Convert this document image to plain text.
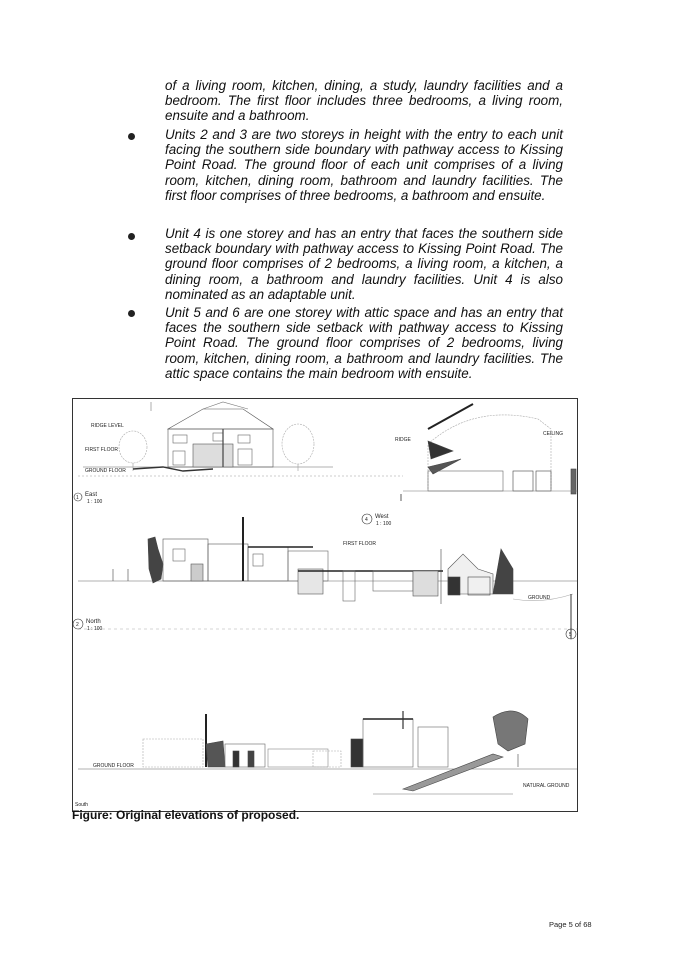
of a living room, kitchen, dining, a study, laundry facilities and a bedroom. The first floor includes three bedrooms, a living room, ensuite and a bathroom.

Units 2 and 3 are two storeys in height with the entry to each unit facing the southern side boundary with pathway access to Kissing Point Road. The ground floor of each unit comprises of a living room, kitchen, dining room, bathroom and laundry facilities. The first floor comprises of three bedrooms, a bathroom and ensuite.

Unit 4 is one storey and has an entry that faces the southern side setback boundary with pathway access to Kissing Point Road. The ground floor comprises of 2 bedrooms, a living room, a kitchen, a dining room, a bathroom and laundry facilities. Unit 4 is also nominated as an adaptable unit.

Unit 5 and 6 are one storey with attic space and has an entry that faces the southern side setback with pathway access to Kissing Point Road. The ground floor comprises of 2 bedrooms, living room, kitchen, dining room, a bathroom and laundry facilities. The attic space contains the main bedroom with ensuite.

RIDGE LEVEL
FIRST FLOOR
GROUND FLOOR
1 East
1 : 100
RIDGE
CEILING
4 West
1 : 100
FIRST FLOOR
GROUND
2 North
1 : 100
5
GROUND FLOOR
NATURAL GROUND
South
Figure: Original elevations of proposed.
Page 5 of 68
